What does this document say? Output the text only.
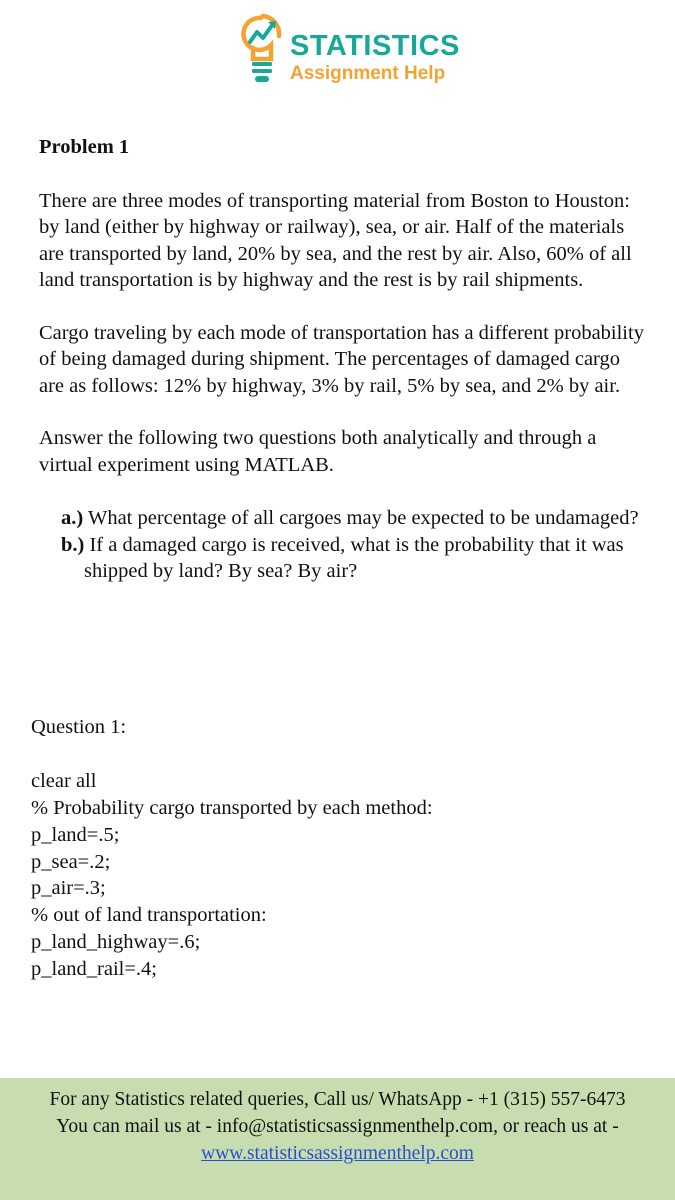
STATISTICS
Assignment Help

Problem 1

There are three modes of transporting material from Boston to Houston: by land (either by highway or railway), sea, or air. Half of the materials are transported by land, 20% by sea, and the rest by air. Also, 60% of all land transportation is by highway and the rest is by rail shipments.

Cargo traveling by each mode of transportation has a different probability of being damaged during shipment. The percentages of damaged cargo are as follows: 12% by highway, 3% by rail, 5% by sea, and 2% by air.

Answer the following two questions both analytically and through a virtual experiment using MATLAB.

a.) What percentage of all cargoes may be expected to be undamaged?
b.) If a damaged cargo is received, what is the probability that it was shipped by land? By sea? By air?
Question 1:
clear all
% Probability cargo transported by each method:
p_land=.5;
p_sea=.2;
p_air=.3;
% out of land transportation:
p_land_highway=.6;
p_land_rail=.4;
For any Statistics related queries, Call us/ WhatsApp - +1 (315) 557-6473
You can mail us at - info@statisticsassignmenthelp.com, or reach us at -
www.statisticsassignmenthelp.com
